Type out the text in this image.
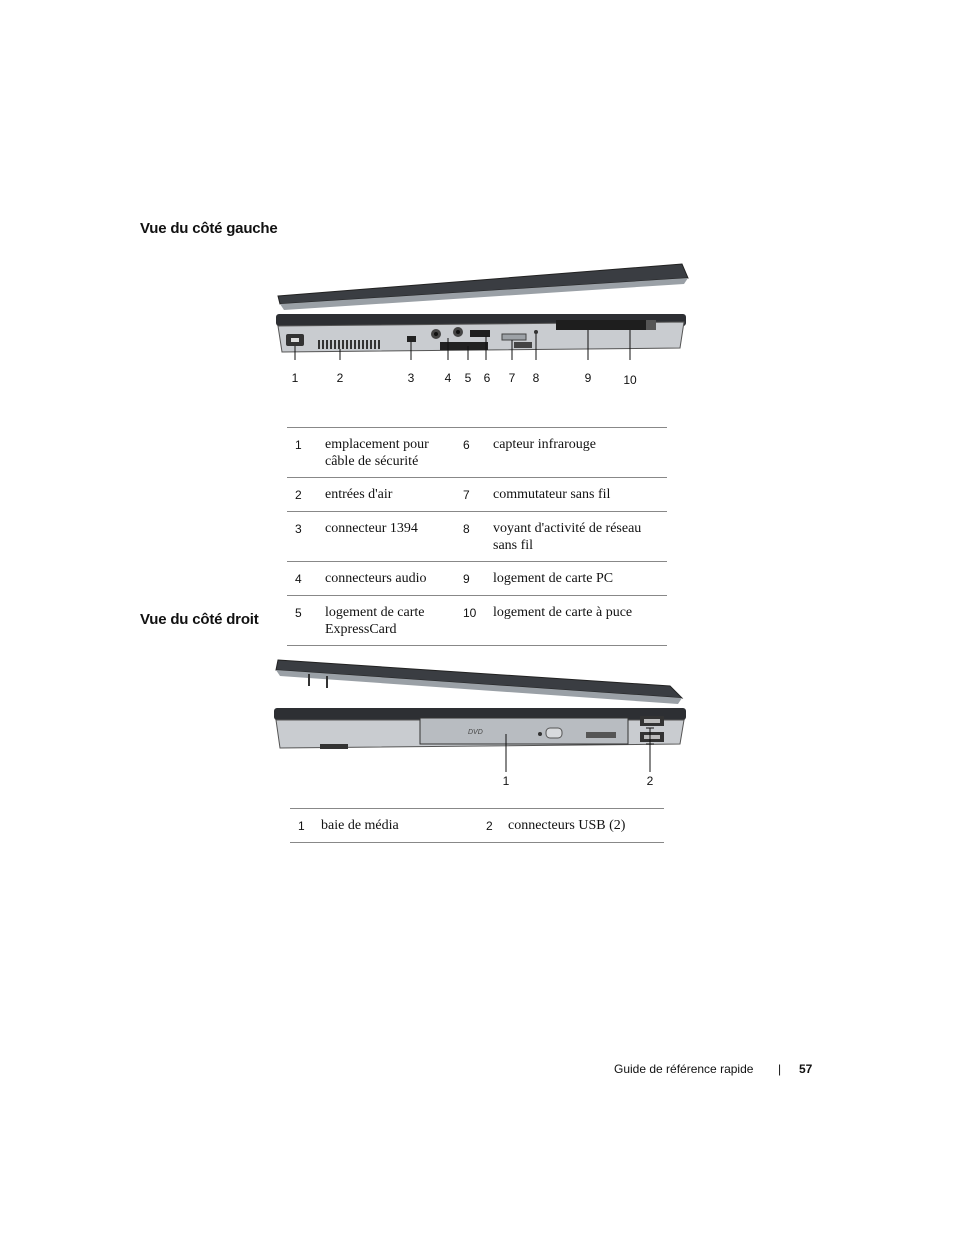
Vue du côté gauche
1	2	3	4 5 6 7 8	9	10
1	emplacement pour câble de sécurité	6	capteur infrarouge
2	entrées d'air	7	commutateur sans fil
3	connecteur 1394	8	voyant d'activité de réseau sans fil
4	connecteurs audio	9	logement de carte PC
5	logement de carte ExpressCard	10	logement de carte à puce
Vue du côté droit
DVD
1	2
1	baie de média	2	connecteurs USB (2)
Guide de référence rapide | 57
